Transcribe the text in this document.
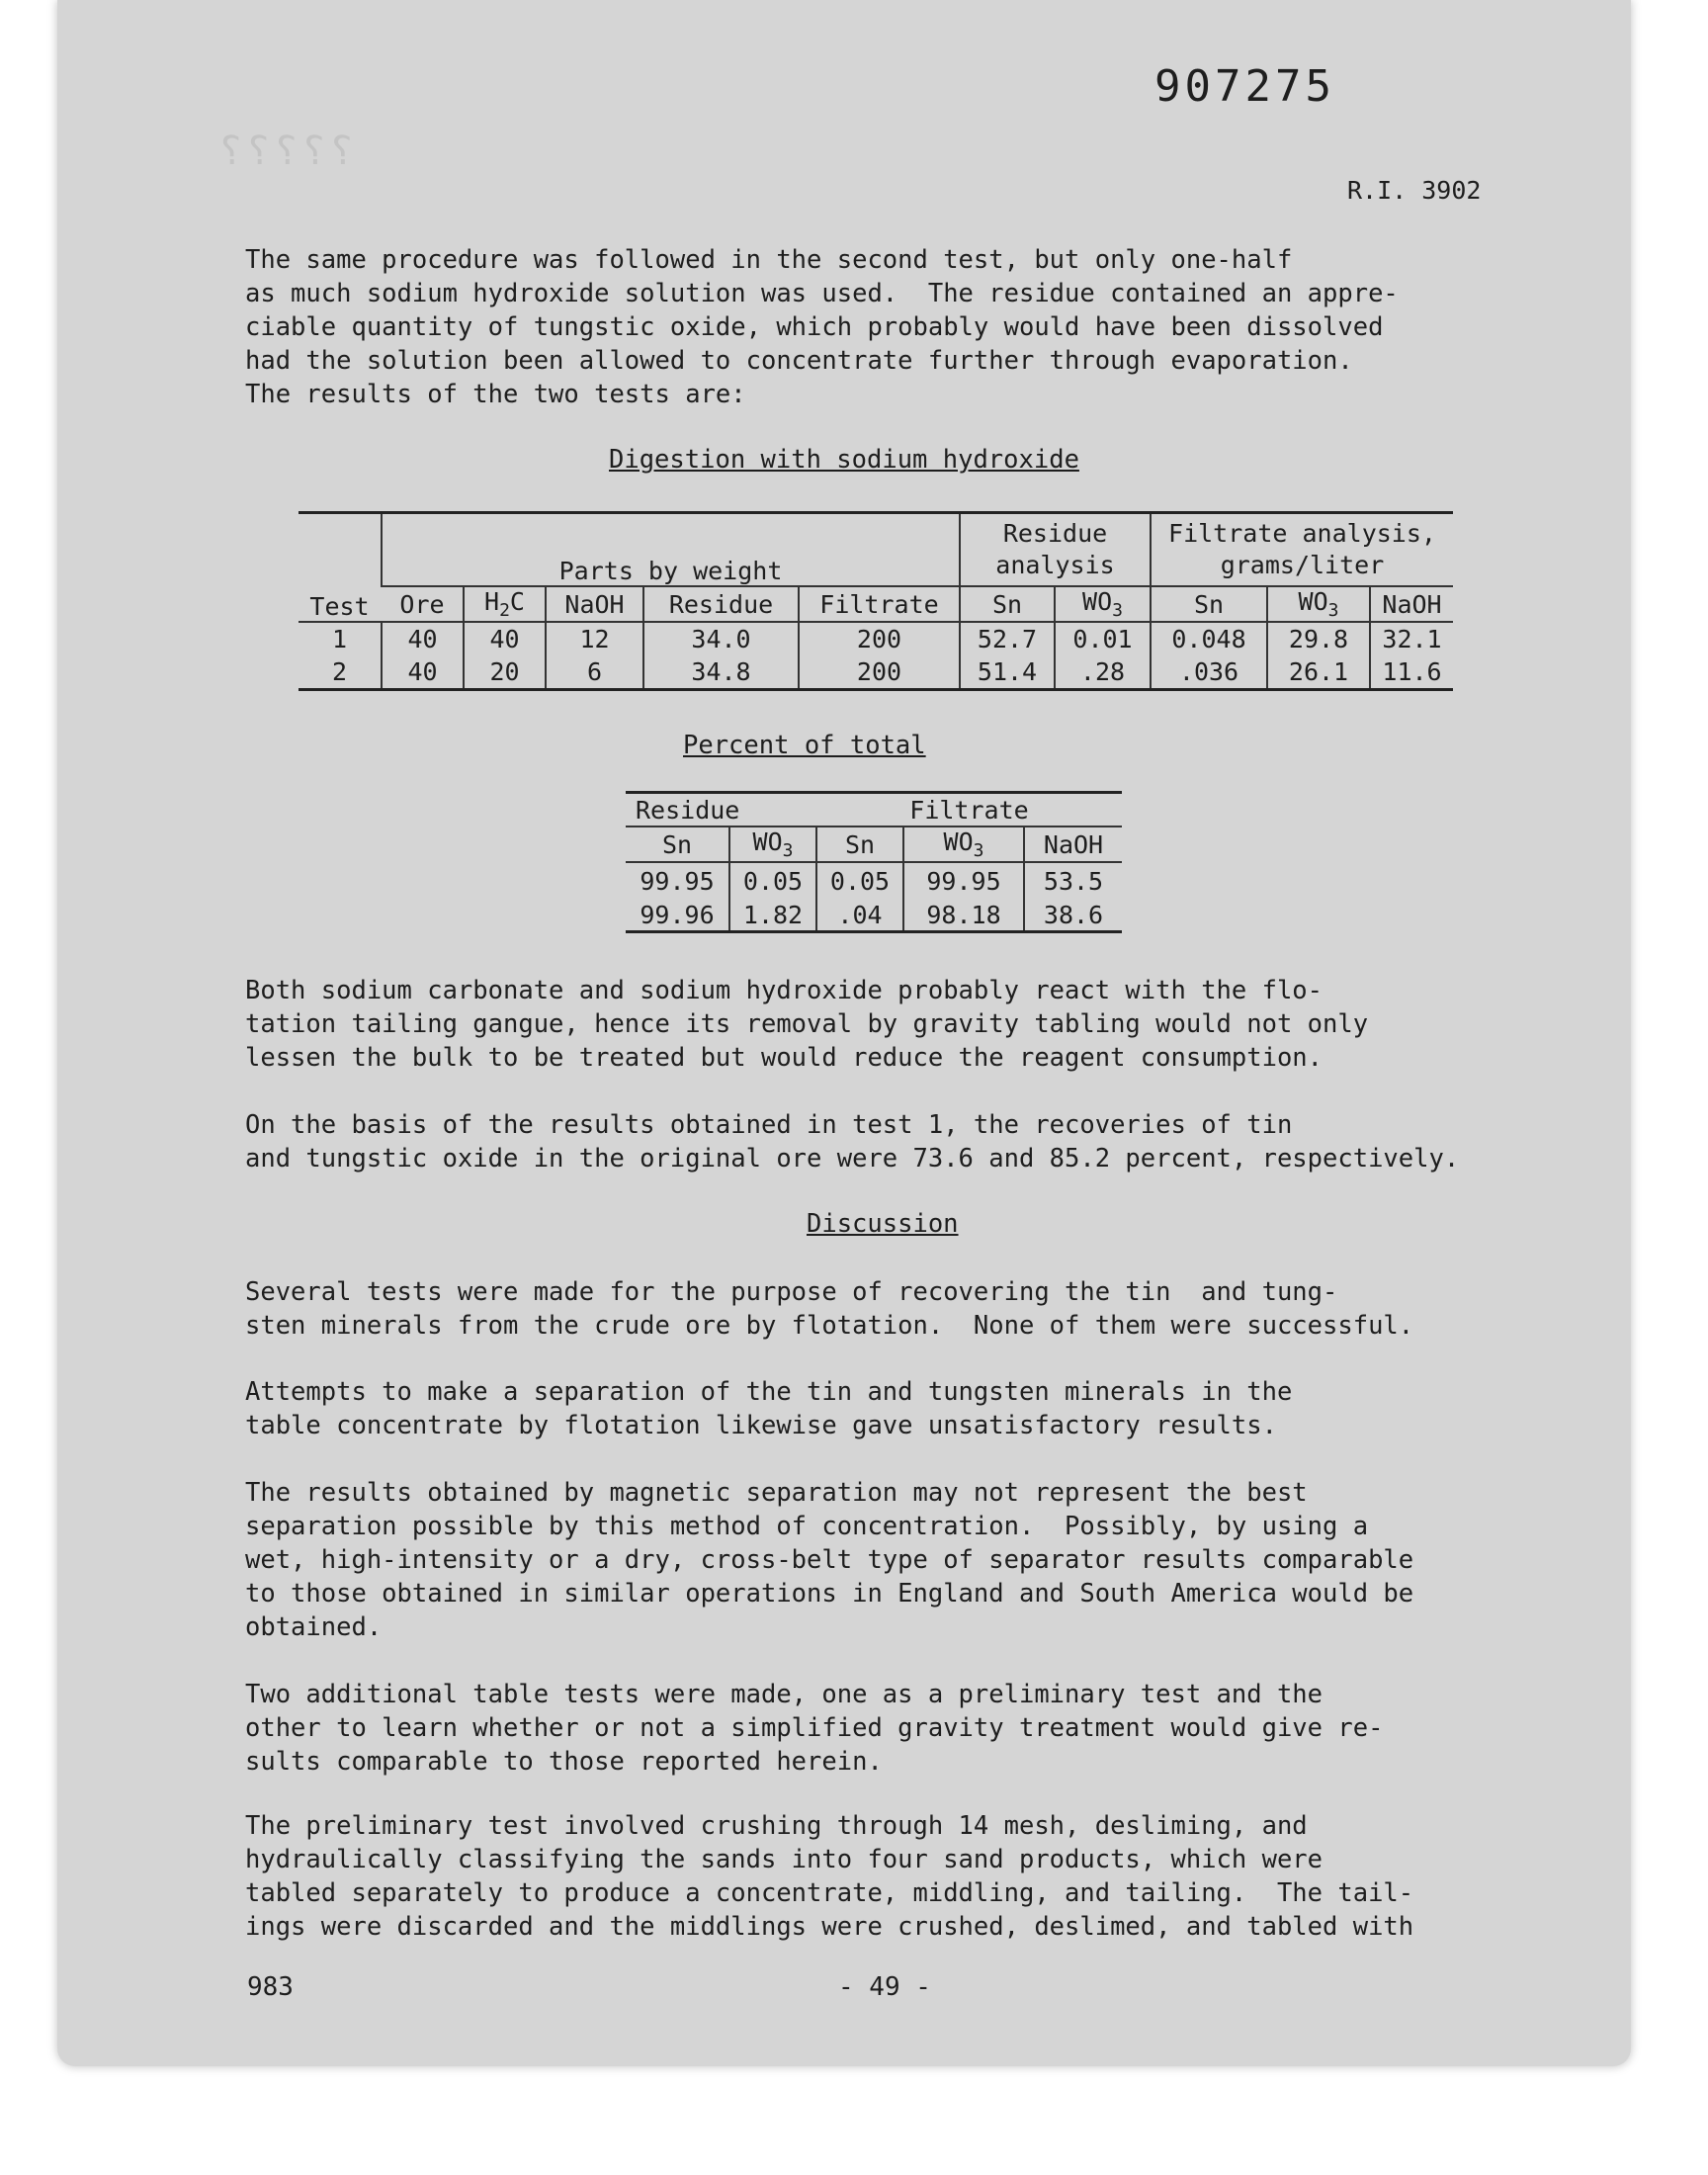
?????
907275
R.I. 3902
The same procedure was followed in the second test, but only one-half
as much sodium hydroxide solution was used.  The residue contained an appre-
ciable quantity of tungstic oxide, which probably would have been dissolved
had the solution been allowed to concentrate further through evaporation.
The results of the two tests are:
Digestion with sodium hydroxide
Test	Parts by weight					Residue analysis		Filtrate analysis, grams/liter		
	Ore	$H_2C$	NaOH	Residue	Filtrate	Sn	$WO_3$	Sn	$WO_3$	NaOH
1	40	40	12	34.0	200	52.7	0.01	0.048	29.8	32.1
2	40	20	6	34.8	200	51.4	.28	.036	26.1	11.6
Percent of total
Residue		Filtrate		
Sn	$WO_3$	Sn	$WO_3$	NaOH
99.95	0.05	0.05	99.95	53.5
99.96	1.82	.04	98.18	38.6
Both sodium carbonate and sodium hydroxide probably react with the flo-
tation tailing gangue, hence its removal by gravity tabling would not only
lessen the bulk to be treated but would reduce the reagent consumption.
On the basis of the results obtained in test 1, the recoveries of tin
and tungstic oxide in the original ore were 73.6 and 85.2 percent, respectively.
Discussion
Several tests were made for the purpose of recovering the tin  and tung-
sten minerals from the crude ore by flotation.  None of them were successful.
Attempts to make a separation of the tin and tungsten minerals in the
table concentrate by flotation likewise gave unsatisfactory results.
The results obtained by magnetic separation may not represent the best
separation possible by this method of concentration.  Possibly, by using a
wet, high-intensity or a dry, cross-belt type of separator results comparable
to those obtained in similar operations in England and South America would be
obtained.
Two additional table tests were made, one as a preliminary test and the
other to learn whether or not a simplified gravity treatment would give re-
sults comparable to those reported herein.
The preliminary test involved crushing through 14 mesh, desliming, and
hydraulically classifying the sands into four sand products, which were
tabled separately to produce a concentrate, middling, and tailing.  The tail-
ings were discarded and the middlings were crushed, deslimed, and tabled with
983	- 49 -
